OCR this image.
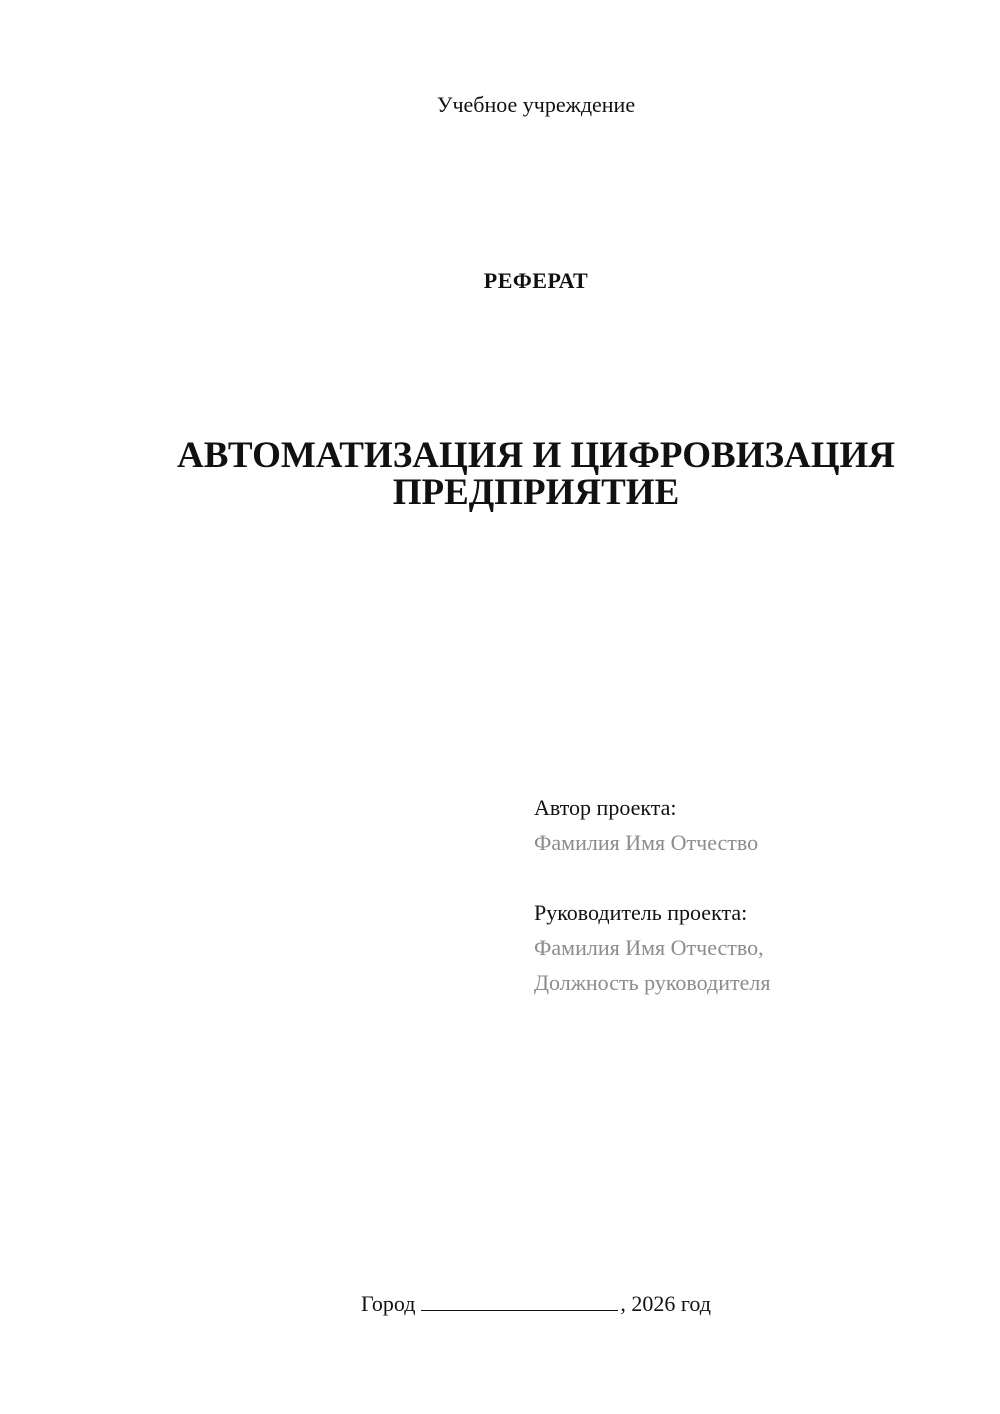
Учебное учреждение
РЕФЕРАТ
АВТОМАТИЗАЦИЯ И ЦИФРОВИЗАЦИЯ
ПРЕДПРИЯТИЕ
Автор проекта:
Фамилия Имя Отчество
Руководитель проекта:
Фамилия Имя Отчество,
Должность руководителя
Город	, 2026 год
